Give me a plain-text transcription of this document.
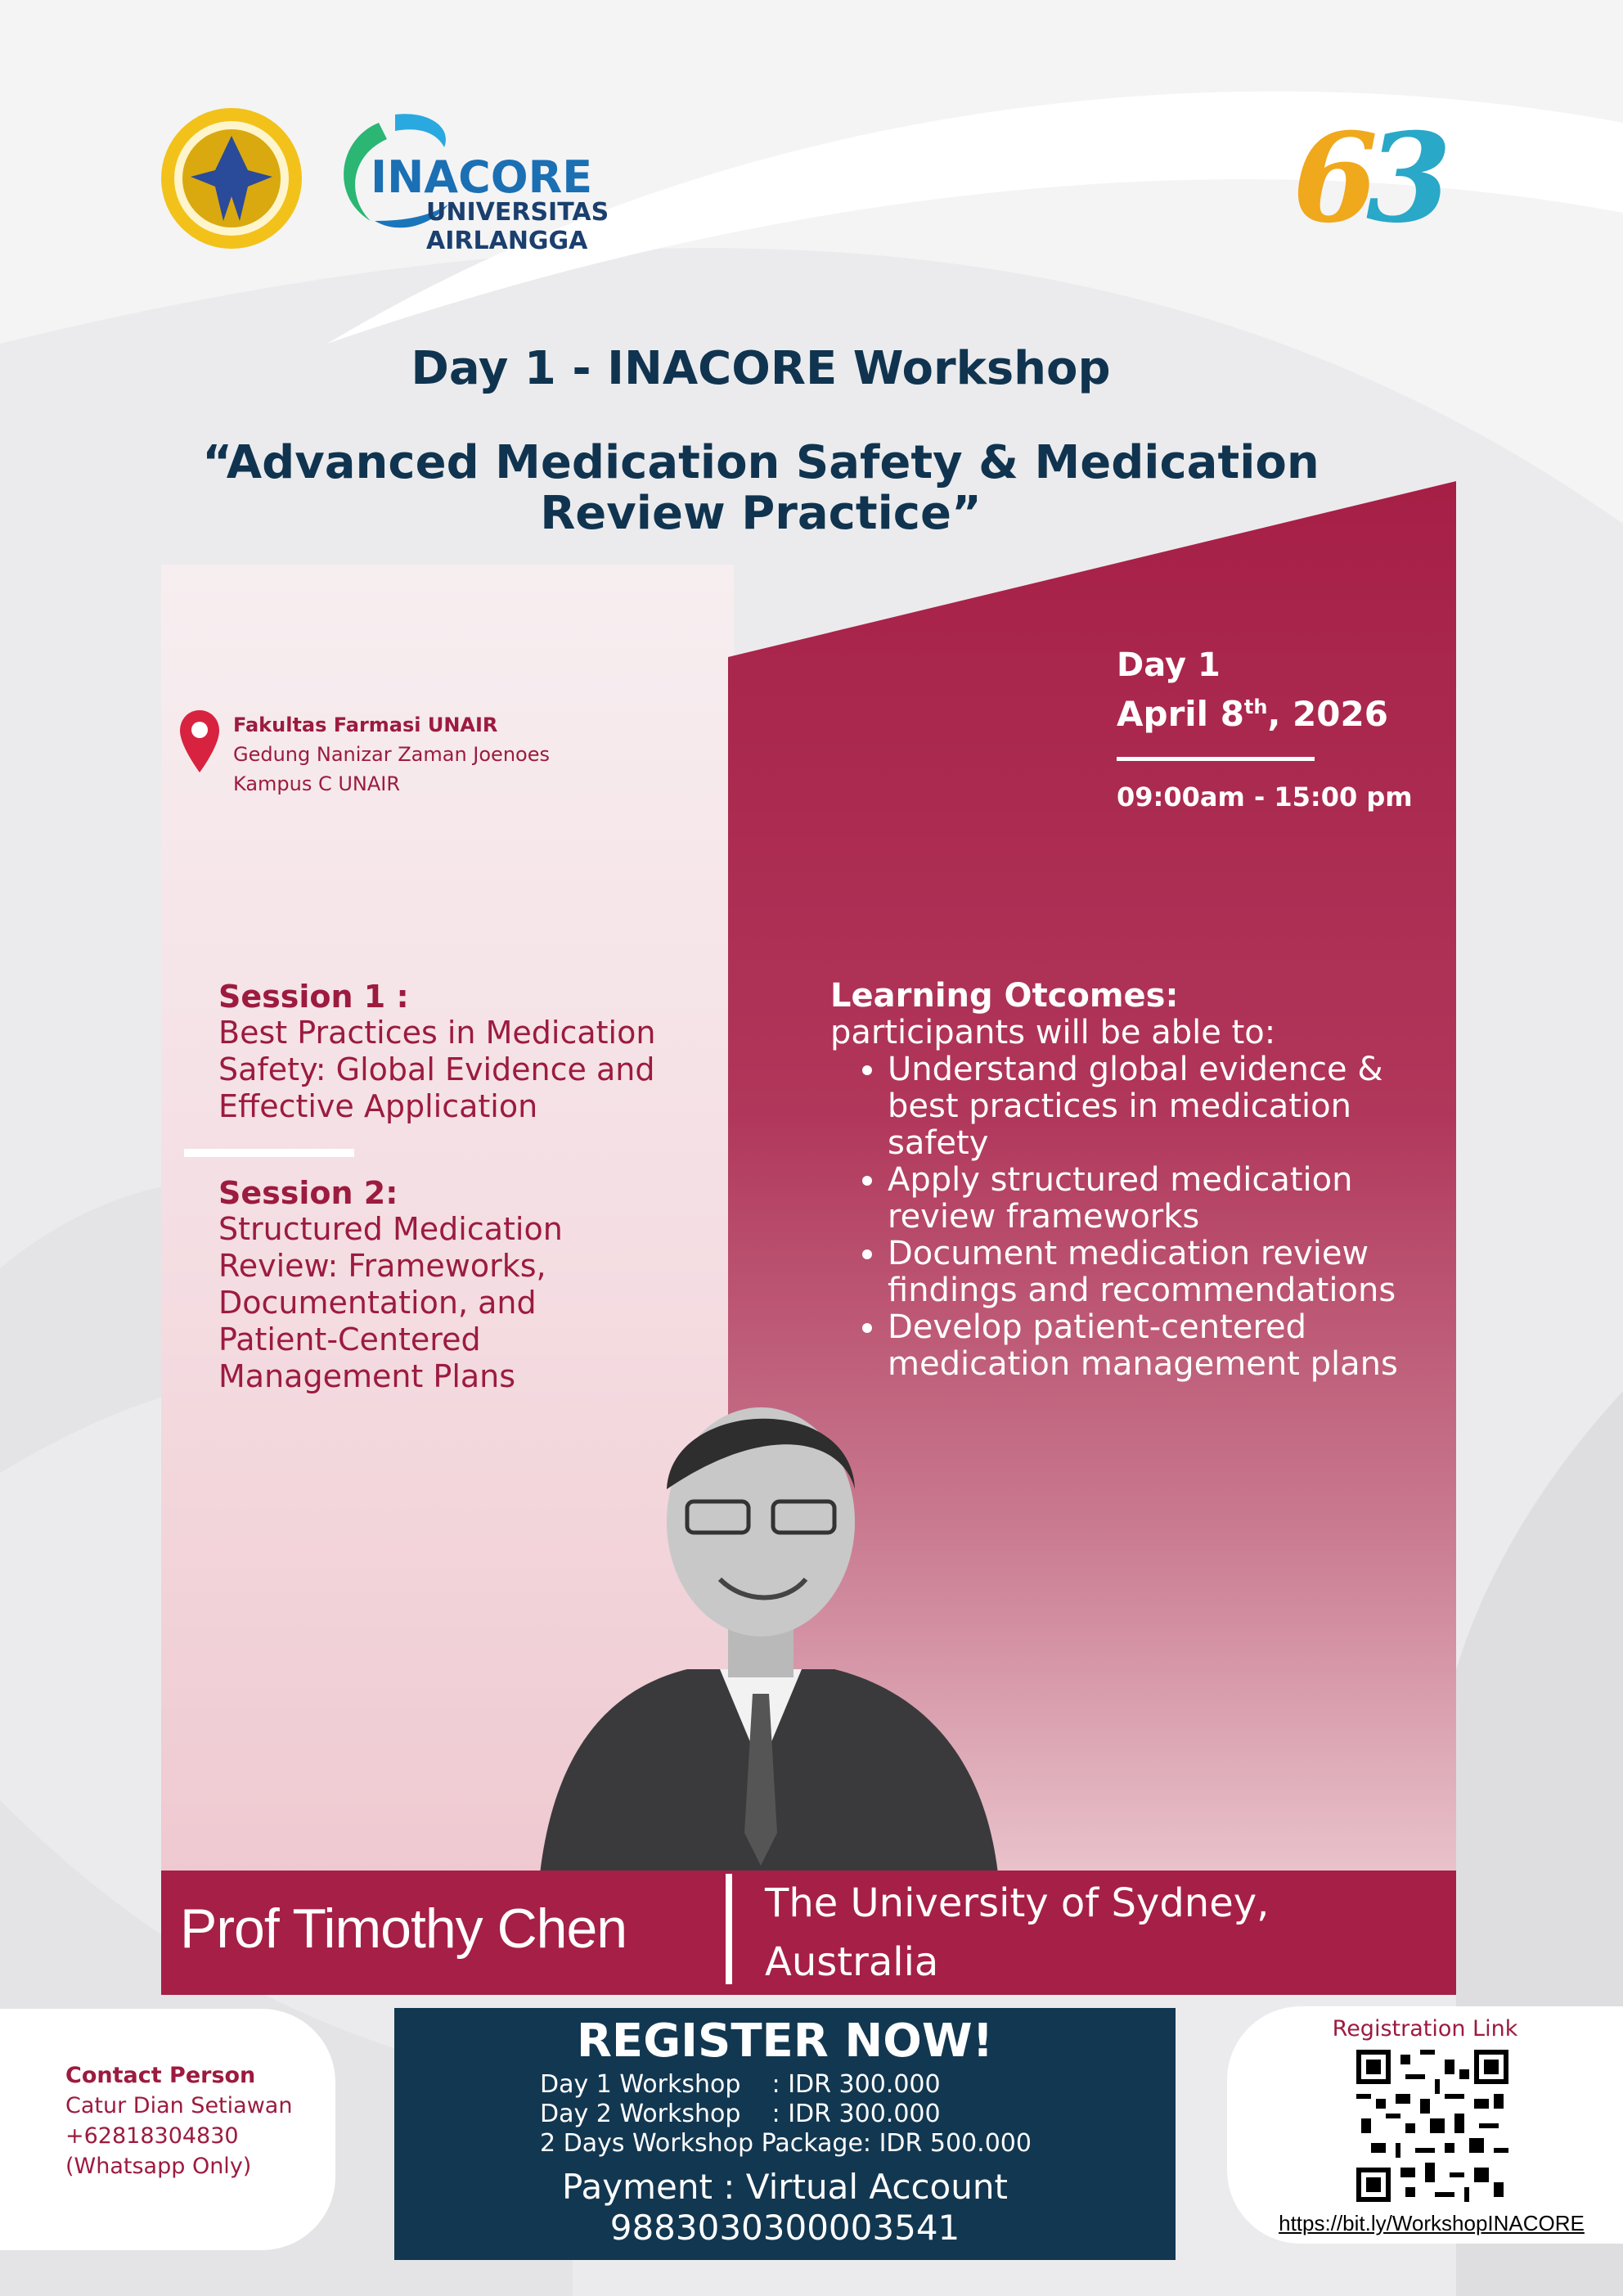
INACORE
UNIVERSITAS AIRLANGGA	6
3
Day 1 - INACORE Workshop
“Advanced Medication Safety & Medication Review Practice”
Day 1
April 8th, 2026
09:00am - 15:00 pm
Fakultas Farmasi UNAIR
Gedung Nanizar Zaman Joenoes
Kampus C UNAIR
Session 1 :
Best Practices in Medication Safety: Global Evidence and Effective Application
Session 2:
Structured Medication Review: Frameworks, Documentation, and Patient-Centered Management Plans
Learning Otcomes:
participants will be able to:
• Understand global evidence & best practices in medication safety
• Apply structured medication review frameworks
• Document medication review findings and recommendations
• Develop patient-centered medication management plans
Prof Timothy Chen	The University of Sydney, Australia
Contact Person
Catur Dian Setiawan
+62818304830
(Whatsapp Only)
REGISTER NOW!
Day 1 Workshop    : IDR 300.000
Day 2 Workshop    : IDR 300.000
2 Days Workshop Package: IDR 500.000
Payment : Virtual Account
9883030300003541
Registration Link
https://bit.ly/WorkshopINACORE
